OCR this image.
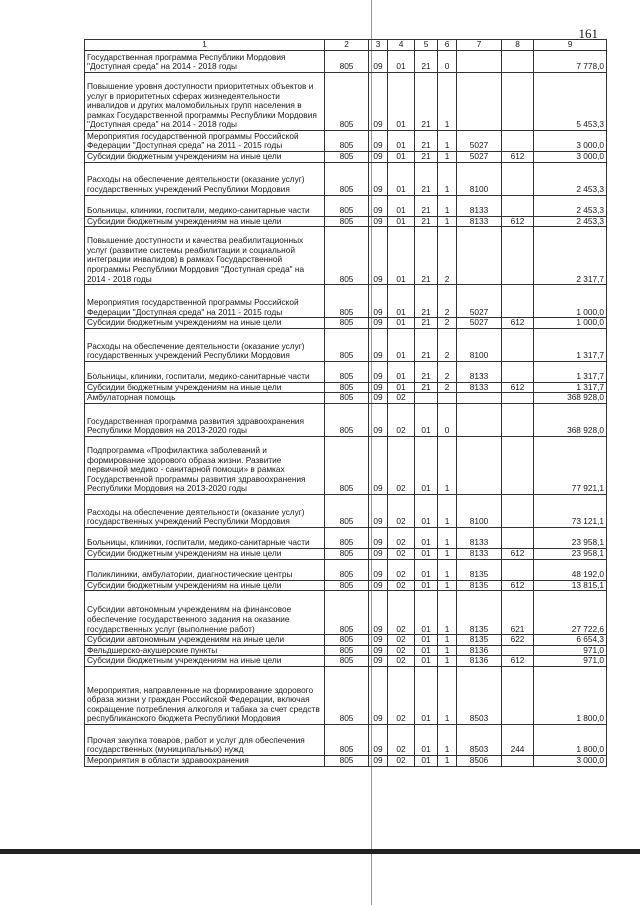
161
1	2	3	4	5	6	7	8	9
Государственная программа Республики Мордовия "Доступная среда" на 2014 - 2018 годы	805	09	01	21	0			7 778,0
Повышение уровня доступности приоритетных объектов и услуг в приоритетных сферах жизнедеятельности инвалидов и других маломобильных групп населения в рамках Государственной программы Республики Мордовия "Доступная среда" на 2014 - 2018 годы	805	09	01	21	1			5 453,3
Мероприятия государственной программы Российской Федерации "Доступная среда" на 2011 - 2015 годы	805	09	01	21	1	5027		3 000,0
Субсидии бюджетным учреждениям на иные цели	805	09	01	21	1	5027	612	3 000,0
Расходы на обеспечение деятельности (оказание услуг) государственных учреждений Республики Мордовия	805	09	01	21	1	8100		2 453,3
Больницы, клиники, госпитали, медико-санитарные части	805	09	01	21	1	8133		2 453,3
Субсидии бюджетным учреждениям на иные цели	805	09	01	21	1	8133	612	2 453,3
Повышение доступности и качества реабилитационных услуг (развитие системы реабилитации и социальной интеграции инвалидов) в рамках Государственной программы Республики Мордовия "Доступная среда" на 2014 - 2018 годы	805	09	01	21	2			2 317,7
Мероприятия государственной программы Российской Федерации "Доступная среда" на 2011 - 2015 годы	805	09	01	21	2	5027		1 000,0
Субсидии бюджетным учреждениям на иные цели	805	09	01	21	2	5027	612	1 000,0
Расходы на обеспечение деятельности (оказание услуг) государственных учреждений Республики Мордовия	805	09	01	21	2	8100		1 317,7
Больницы, клиники, госпитали, медико-санитарные части	805	09	01	21	2	8133		1 317,7
Субсидии бюджетным учреждениям на иные цели	805	09	01	21	2	8133	612	1 317,7
Амбулаторная помощь	805	09	02					368 928,0
Государственная программа развития здравоохранения Республики Мордовия на 2013-2020 годы	805	09	02	01	0			368 928,0
Подпрограмма «Профилактика заболеваний и формирование здорового образа жизни. Развитие первичной медико - санитарной помощи» в рамках Государственной программы развития здравоохранения Республики Мордовия на 2013-2020 годы	805	09	02	01	1			77 921,1
Расходы на обеспечение деятельности (оказание услуг) государственных учреждений Республики Мордовия	805	09	02	01	1	8100		73 121,1
Больницы, клиники, госпитали, медико-санитарные части	805	09	02	01	1	8133		23 958,1
Субсидии бюджетным учреждениям на иные цели	805	09	02	01	1	8133	612	23 958,1
Поликлиники, амбулатории, диагностические центры	805	09	02	01	1	8135		48 192,0
Субсидии бюджетным учреждениям на иные цели	805	09	02	01	1	8135	612	13 815,1
Субсидии автономным учреждениям на финансовое обеспечение государственного задания на оказание государственных услуг (выполнение работ)	805	09	02	01	1	8135	621	27 722,6
Субсидии автономным учреждениям на иные цели	805	09	02	01	1	8135	622	6 654,3
Фельдшерско-акушерские пункты	805	09	02	01	1	8136		971,0
Субсидии бюджетным учреждениям на иные цели	805	09	02	01	1	8136	612	971,0
Мероприятия, направленные на формирование здорового образа жизни у граждан Российской Федерации, включая сокращение потребления алкоголя и табака за счет средств республиканского бюджета Республики Мордовия	805	09	02	01	1	8503		1 800,0
Прочая закупка товаров, работ и услуг для обеспечения государственных (муниципальных) нужд	805	09	02	01	1	8503	244	1 800,0
Мероприятия в области здравоохранения	805	09	02	01	1	8506		3 000,0
